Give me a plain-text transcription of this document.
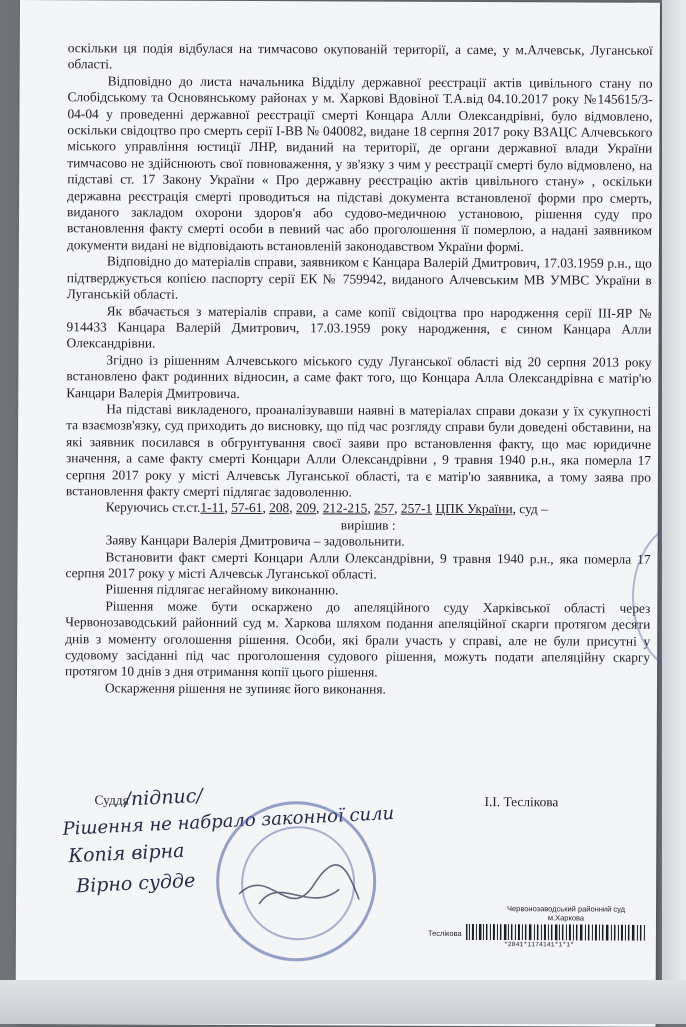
оскільки ця подія відбулася на тимчасово окупованій території, а саме, у м.Алчевськ, Луганської області.

Відповідно до листа начальника Відділу державної реєстрації актів цивільного стану по Слобідському та Основянському районах у м. Харкові Вдовіної Т.А.від 04.10.2017 року №145615/3-04-04 у проведенні державної реєстрації смерті Концара Алли Олександрівні, було відмовлено, оскільки свідоцтво про смерть серії І-ВВ № 040082, видане 18 серпня 2017 року ВЗАЦС Алчевського міського управління юстиції ЛНР, виданий на території, де органи державної влади України тимчасово не здійснюють свої повноваження, у зв'язку з чим у реєстрації смерті було відмовлено, на підставі ст. 17 Закону України « Про державну реєстрацію актів цивільного стану» , оскільки державна реєстрація смерті проводиться на підставі документа встановленої форми про смерть, виданого закладом охорони здоров'я або судово-медичною установою, рішення суду про встановлення факту смерті особи в певний час або проголошення її померлою, а надані заявником документи видані не відповідають встановленій законодавством України формі.

Відповідно до матеріалів справи, заявником є Канцара Валерій Дмитрович, 17.03.1959 р.н., що підтверджується копією паспорту серії ЕК № 759942, виданого Алчевським МВ УМВС України в Луганській області.

Як вбачається з матеріалів справи, а саме копії свідоцтва про народження серії ІІІ-ЯР № 914433 Канцара Валерій Дмитрович, 17.03.1959 року народження, є сином Канцара Алли Олександрівни.

Згідно із рішенням Алчевського міського суду Луганської області від 20 серпня 2013 року встановлено факт родинних відносин, а саме факт того, що Концара Алла Олександрівна є матір'ю Канцари Валерія Дмитровича.

На підставі викладеного, проаналізувавши наявні в матеріалах справи докази у їх сукупності та взаємозв'язку, суд приходить до висновку, що під час розгляду справи були доведені обставини, на які заявник посилався в обгрунтування своєї заяви про встановлення факту, що має юридичне значення, а саме факту смерті Концари Алли Олександрівни , 9 травня 1940 р.н., яка померла 17 серпня 2017 року у місті Алчевськ Луганської області, та є матір'ю заявника, а тому заява про встановлення факту смерті підлягає задоволенню.

Керуючись ст.ст.1-11, 57-61, 208, 209, 212-215, 257, 257-1 ЦПК України, суд –

вирішив :

Заяву Канцари Валерія Дмитровича – задовольнити.

Встановити факт смерті Концари Алли Олександрівни, 9 травня 1940 р.н., яка померла 17 серпня 2017 року у місті Алчевськ Луганської області.

Рішення підлягає негайному виконанню.

Рішення може бути оскаржено до апеляційного суду Харківської області через Червонозаводський районний суд м. Харкова шляхом подання апеляційної скарги протягом десяти днів з моменту оголошення рішення. Особи, які брали участь у справі, але не були присутні у судовому засіданні під час проголошення судового рішення, можуть подати апеляційну скаргу протягом 10 днів з дня отримання копії цього рішення.

Оскарження рішення не зупиняє його виконання.

Суддя	І.І. Теслікова
/підпис/
Рішення не набрало законної сили
Копія вірна
Вірно судде
Червонозаводський районний суд
м.Харкова
Теслікова
*2041*1174141*1*1*
